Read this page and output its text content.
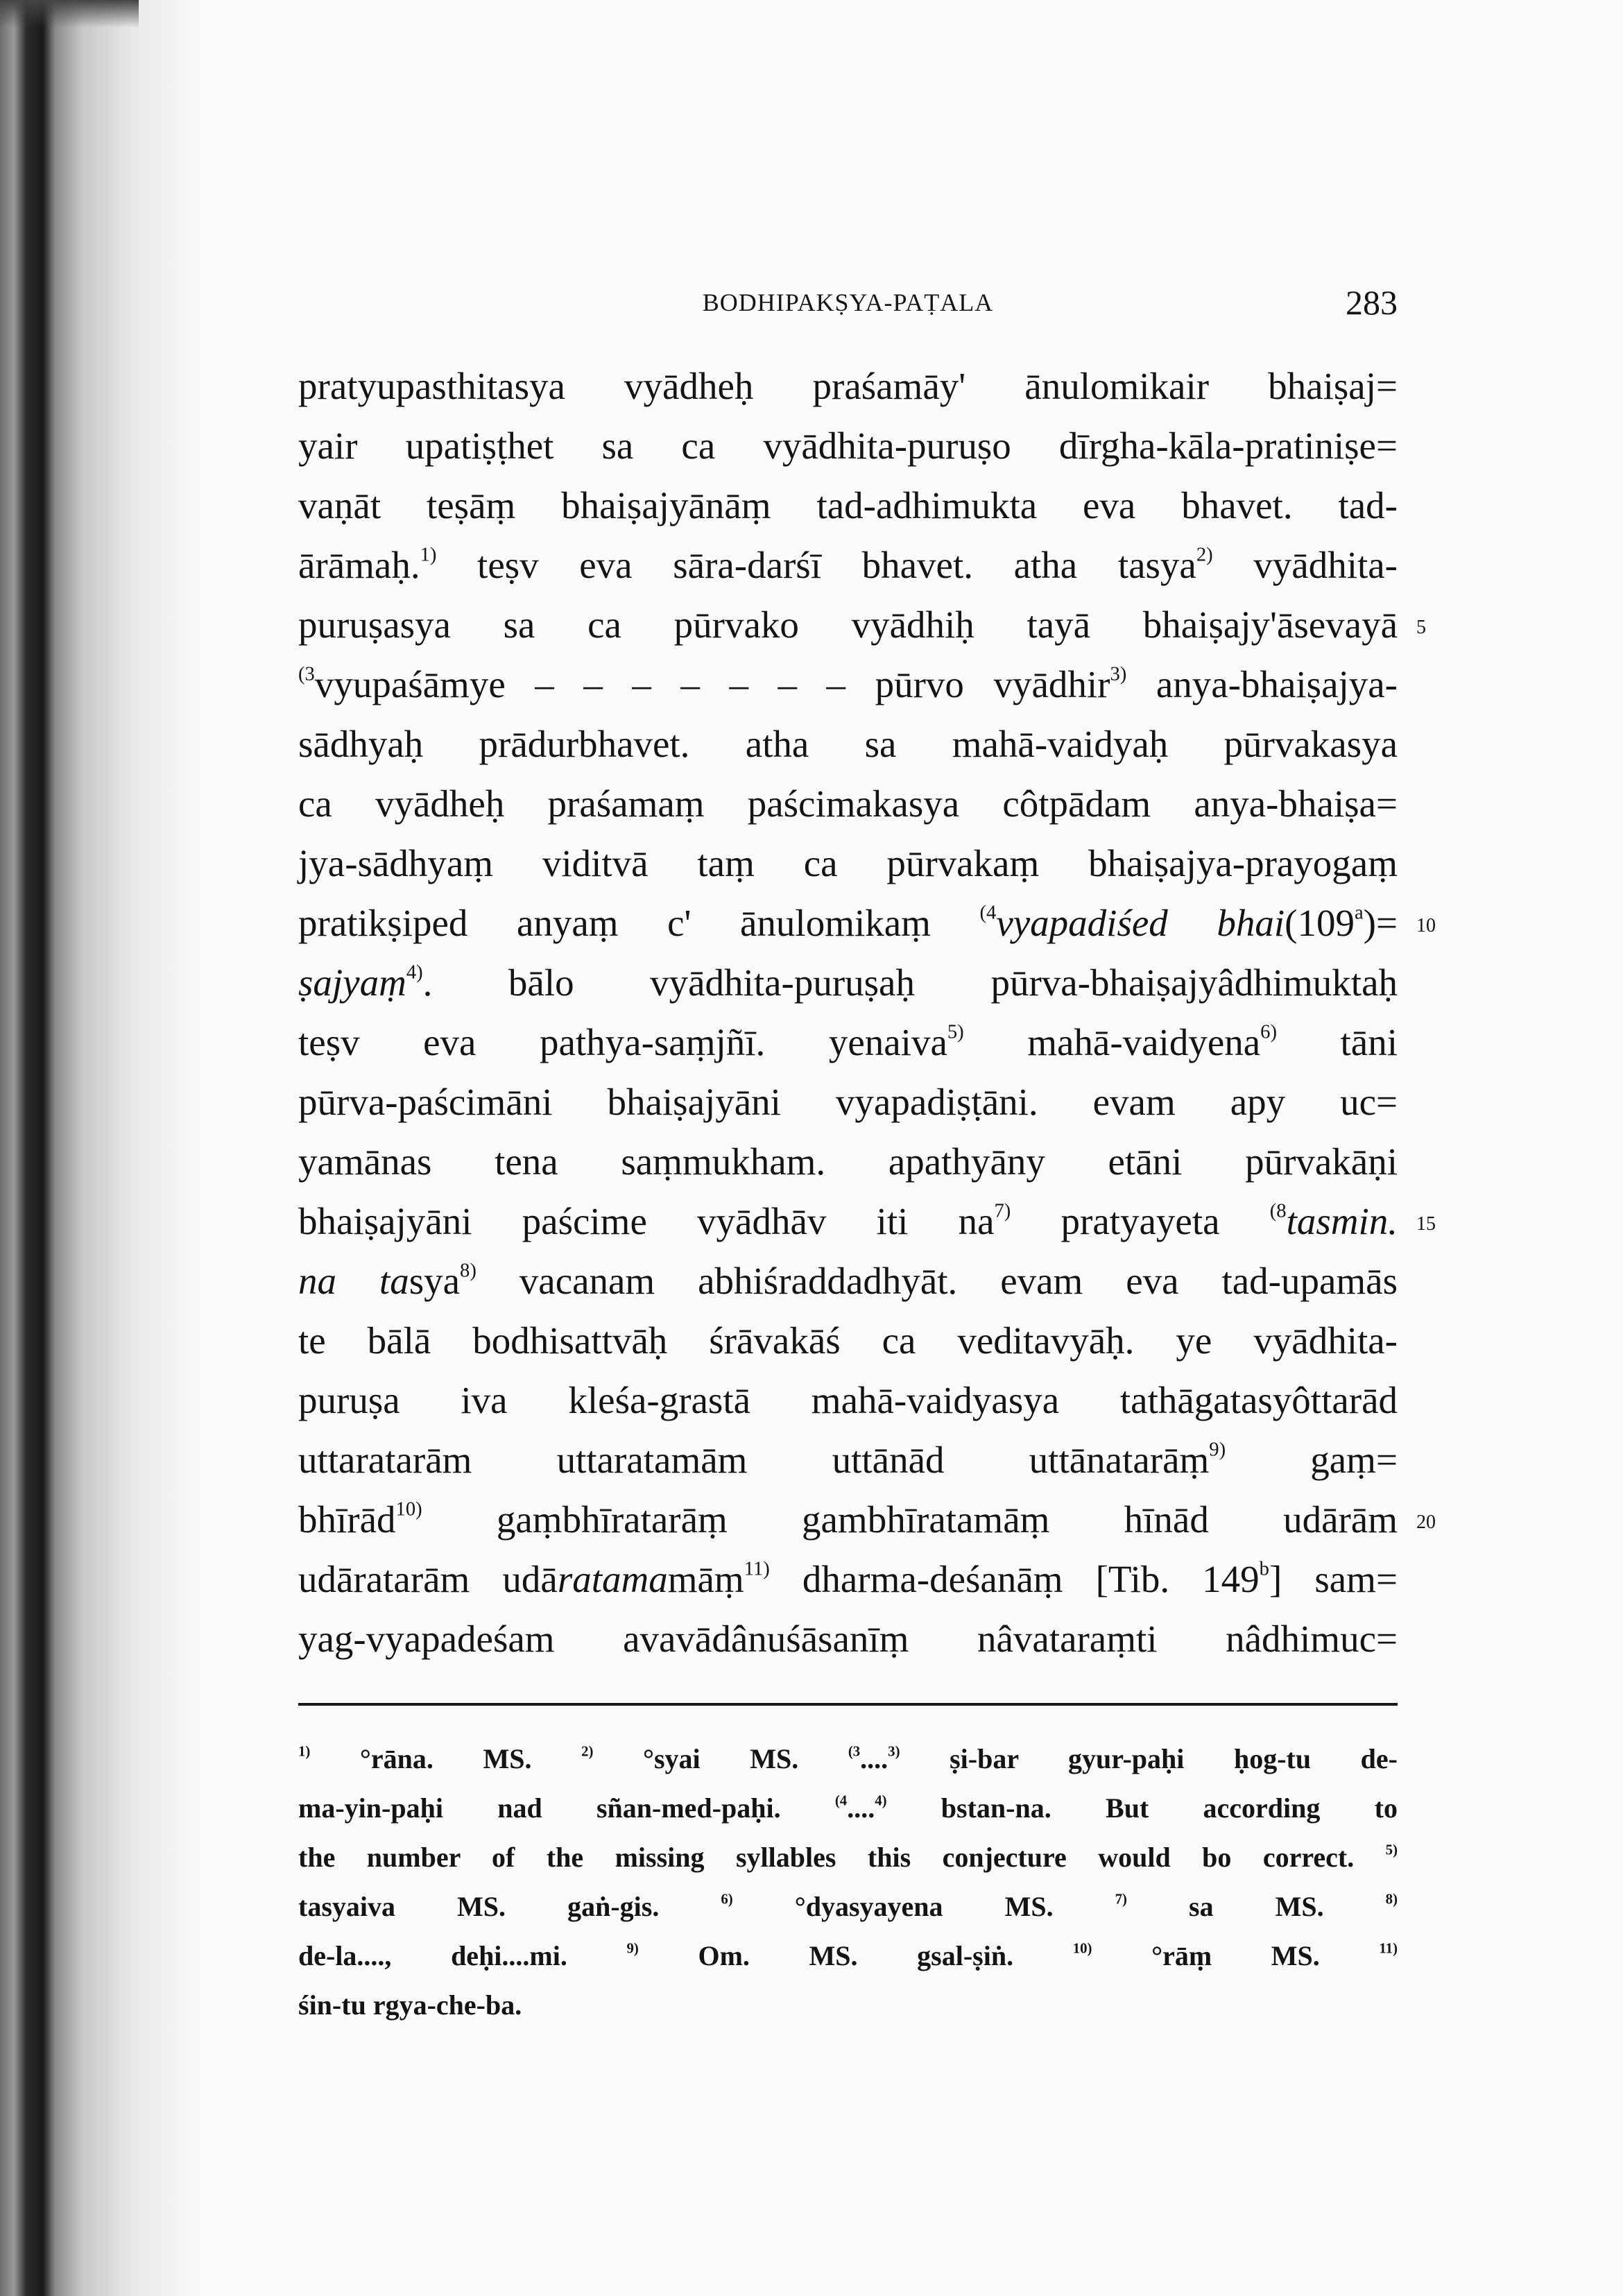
BODHIPAKṢYA-PAṬALA	283
pratyupasthitasya vyādheḥ praśamāy' ānulomikair bhaiṣaj=
yair upatiṣṭhet sa ca vyādhita-puruṣo dīrgha-kāla-pratiniṣe=
vaṇāt teṣāṃ bhaiṣajyānāṃ tad-adhimukta eva bhavet. tad-
ārāmaḥ.$^{1)}$ teṣv eva sāra-darśī bhavet. atha tasya$^{2)}$ vyādhita-
puruṣasya sa ca pūrvako vyādhiḥ tayā bhaiṣajy'āsevayā 5
$^{(3}$vyupaśāmye – – – – – – – pūrvo vyādhir$^{3)}$ anya-bhaiṣajya-
sādhyaḥ prādurbhavet. atha sa mahā-vaidyaḥ pūrvakasya
ca vyādheḥ praśamaṃ paścimakasya côtpādam anya-bhaiṣa=
jya-sādhyaṃ viditvā taṃ ca pūrvakaṃ bhaiṣajya-prayogaṃ
pratikṣiped anyaṃ c' ānulomikaṃ $^{(4}$vyapadiśed $bhai(109^a)= 10$
ṣajyaṃ$^{4)}$. bālo vyādhita-puruṣaḥ pūrva-bhaiṣajyâdhimuktaḥ
teṣv eva pathya-saṃjñī. yenaiva$^{5)}$ mahā-vaidyena$^{6)}$ tāni
pūrva-paścimāni bhaiṣajyāni vyapadiṣṭāni. evam apy uc=
yamānas tena saṃmukham. apathyāny etāni pūrvakāṇi
bhaiṣajyāni paścime vyādhāv iti $na^{7)}$ pratyayeta $^{(8}$tasmin. 15
na tasya$^{8)}$ vacanam abhiśraddadhyāt. evam eva tad-upamās
te bālā bodhisattvāḥ śrāvakāś ca veditavyāḥ. ye vyādhita-
puruṣa iva kleśa-grastā mahā-vaidyasya tathāgatasyôttarād
uttaratarām uttaratamām uttānād uttānatarāṃ$^{9)}$ gaṃ=
bhīrād$^{10)}$ gaṃbhīratarāṃ gambhīratamāṃ hīnād udārām 20
udāratarām udāratamamāṃ$^{11)}$ dharma-deśanāṃ [Tib. 149$^b$] sam=
yag-vyapadeśam avavādânuśāsanīṃ nâvataraṃti nâdhimuc=
$^{1)}$ °rāna. MS. $^{2)}$ °syai MS. $^{(3}$....$^{3)}$ ṣi-bar gyur-paḥi ḥog-tu de-
ma-yin-paḥi nad sñan-med-paḥi. $^{(4}$....$^{4)}$ bstan-na. But according to
the number of the missing syllables this conjecture would bo correct. $^{5)}$
tasyaiva MS. gaṅ-gis. $^{6)}$ °dyasyayena MS. $^{7)}$ sa MS. $^{8)}$
de-la...., deḥi....mi. $^{9)}$ Om. MS. gsal-ṣiṅ. $^{10)}$ °rāṃ MS. $^{11)}$
śin-tu rgya-che-ba.
